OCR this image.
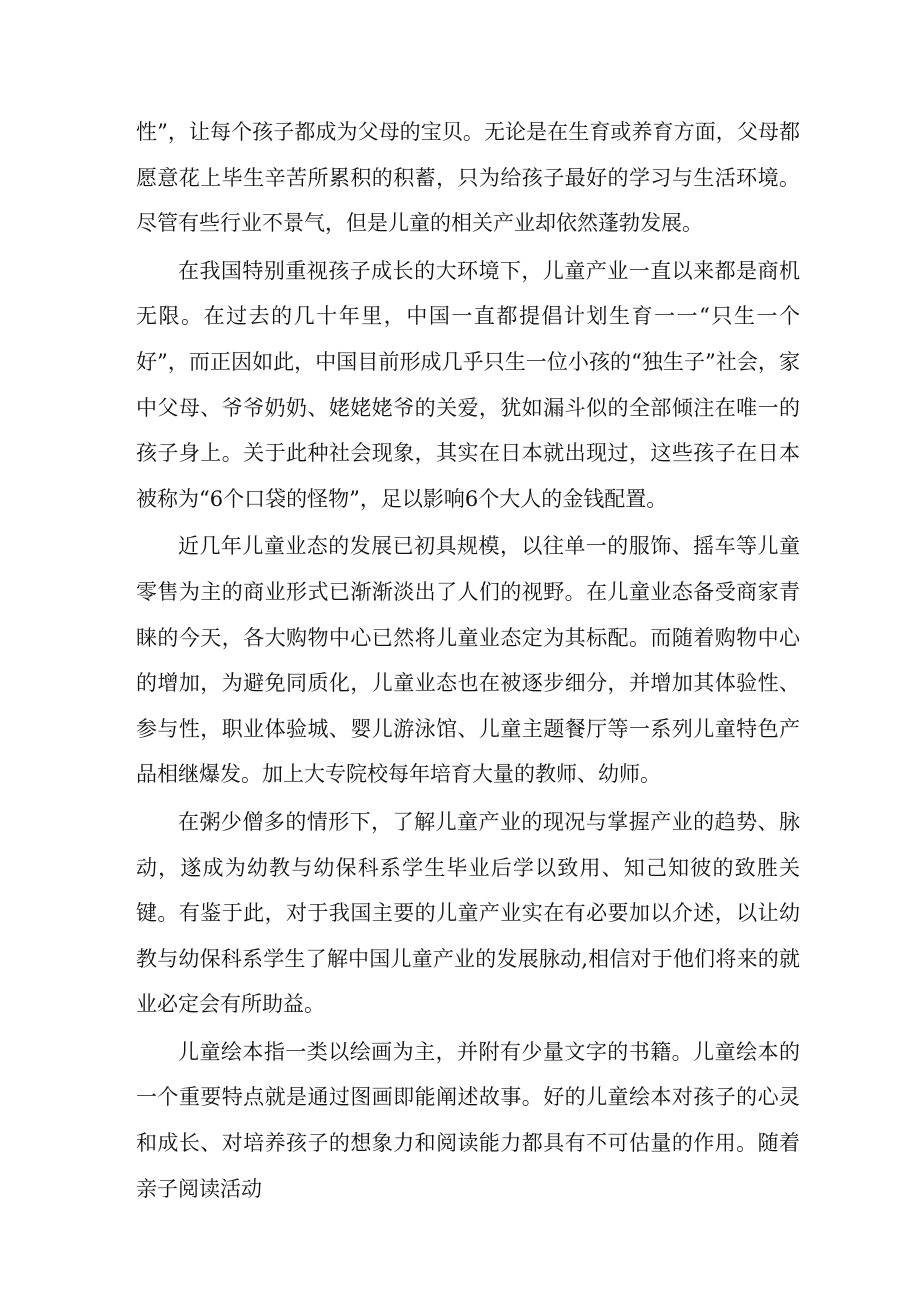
性”，让每个孩子都成为父母的宝贝。无论是在生育或养育方面，父母都愿意花上毕生辛苦所累积的积蓄，只为给孩子最好的学习与生活环境。尽管有些行业不景气，但是儿童的相关产业却依然蓬勃发展。

在我国特别重视孩子成长的大环境下，儿童产业一直以来都是商机无限。在过去的几十年里，中国一直都提倡计划生育一一“只生一个好”，而正因如此，中国目前形成几乎只生一位小孩的“独生子”社会，家中父母、爷爷奶奶、姥姥姥爷的关爱，犹如漏斗似的全部倾注在唯一的孩子身上。关于此种社会现象，其实在日本就出现过，这些孩子在日本被称为“6个口袋的怪物”，足以影响6个大人的金钱配置。

近几年儿童业态的发展已初具规模，以往单一的服饰、摇车等儿童零售为主的商业形式已渐渐淡出了人们的视野。在儿童业态备受商家青睐的今天，各大购物中心已然将儿童业态定为其标配。而随着购物中心的增加，为避免同质化，儿童业态也在被逐步细分，并增加其体验性、参与性，职业体验城、婴儿游泳馆、儿童主题餐厅等一系列儿童特色产品相继爆发。加上大专院校每年培育大量的教师、幼师。

在粥少僧多的情形下，了解儿童产业的现况与掌握产业的趋势、脉动，遂成为幼教与幼保科系学生毕业后学以致用、知己知彼的致胜关键。有鉴于此，对于我国主要的儿童产业实在有必要加以介述，以让幼教与幼保科系学生了解中国儿童产业的发展脉动,相信对于他们将来的就业必定会有所助益。

儿童绘本指一类以绘画为主，并附有少量文字的书籍。儿童绘本的一个重要特点就是通过图画即能阐述故事。好的儿童绘本对孩子的心灵和成长、对培养孩子的想象力和阅读能力都具有不可估量的作用。随着亲子阅读活动
